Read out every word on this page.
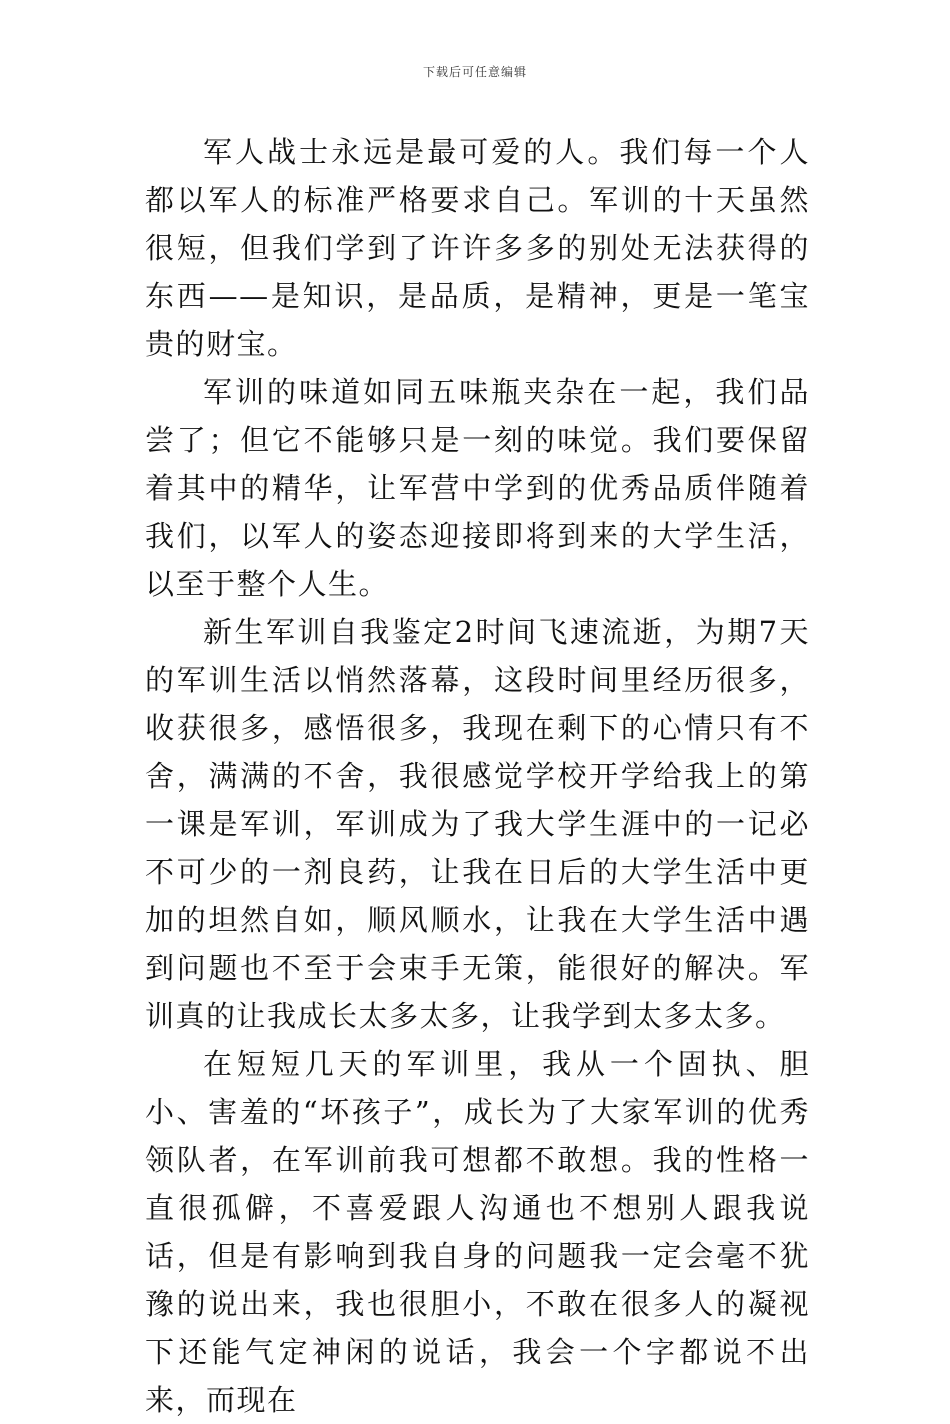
下载后可任意编辑

军人战士永远是最可爱的人。我们每一个人都以军人的标准严格要求自己。军训的十天虽然很短，但我们学到了许许多多的别处无法获得的东西——是知识，是品质，是精神，更是一笔宝贵的财宝。

军训的味道如同五味瓶夹杂在一起，我们品尝了；但它不能够只是一刻的味觉。我们要保留着其中的精华，让军营中学到的优秀品质伴随着我们，以军人的姿态迎接即将到来的大学生活，以至于整个人生。

新生军训自我鉴定2时间飞速流逝，为期7天的军训生活以悄然落幕，这段时间里经历很多，收获很多，感悟很多，我现在剩下的心情只有不舍，满满的不舍，我很感觉学校开学给我上的第一课是军训，军训成为了我大学生涯中的一记必不可少的一剂良药，让我在日后的大学生活中更加的坦然自如，顺风顺水，让我在大学生活中遇到问题也不至于会束手无策，能很好的解决。军训真的让我成长太多太多，让我学到太多太多。

在短短几天的军训里，我从一个固执、胆小、害羞的“坏孩子”，成长为了大家军训的优秀领队者，在军训前我可想都不敢想。我的性格一直很孤僻，不喜爱跟人沟通也不想别人跟我说话，但是有影响到我自身的问题我一定会毫不犹豫的说出来，我也很胆小，不敢在很多人的凝视下还能气定神闲的说话，我会一个字都说不出来，而现在
